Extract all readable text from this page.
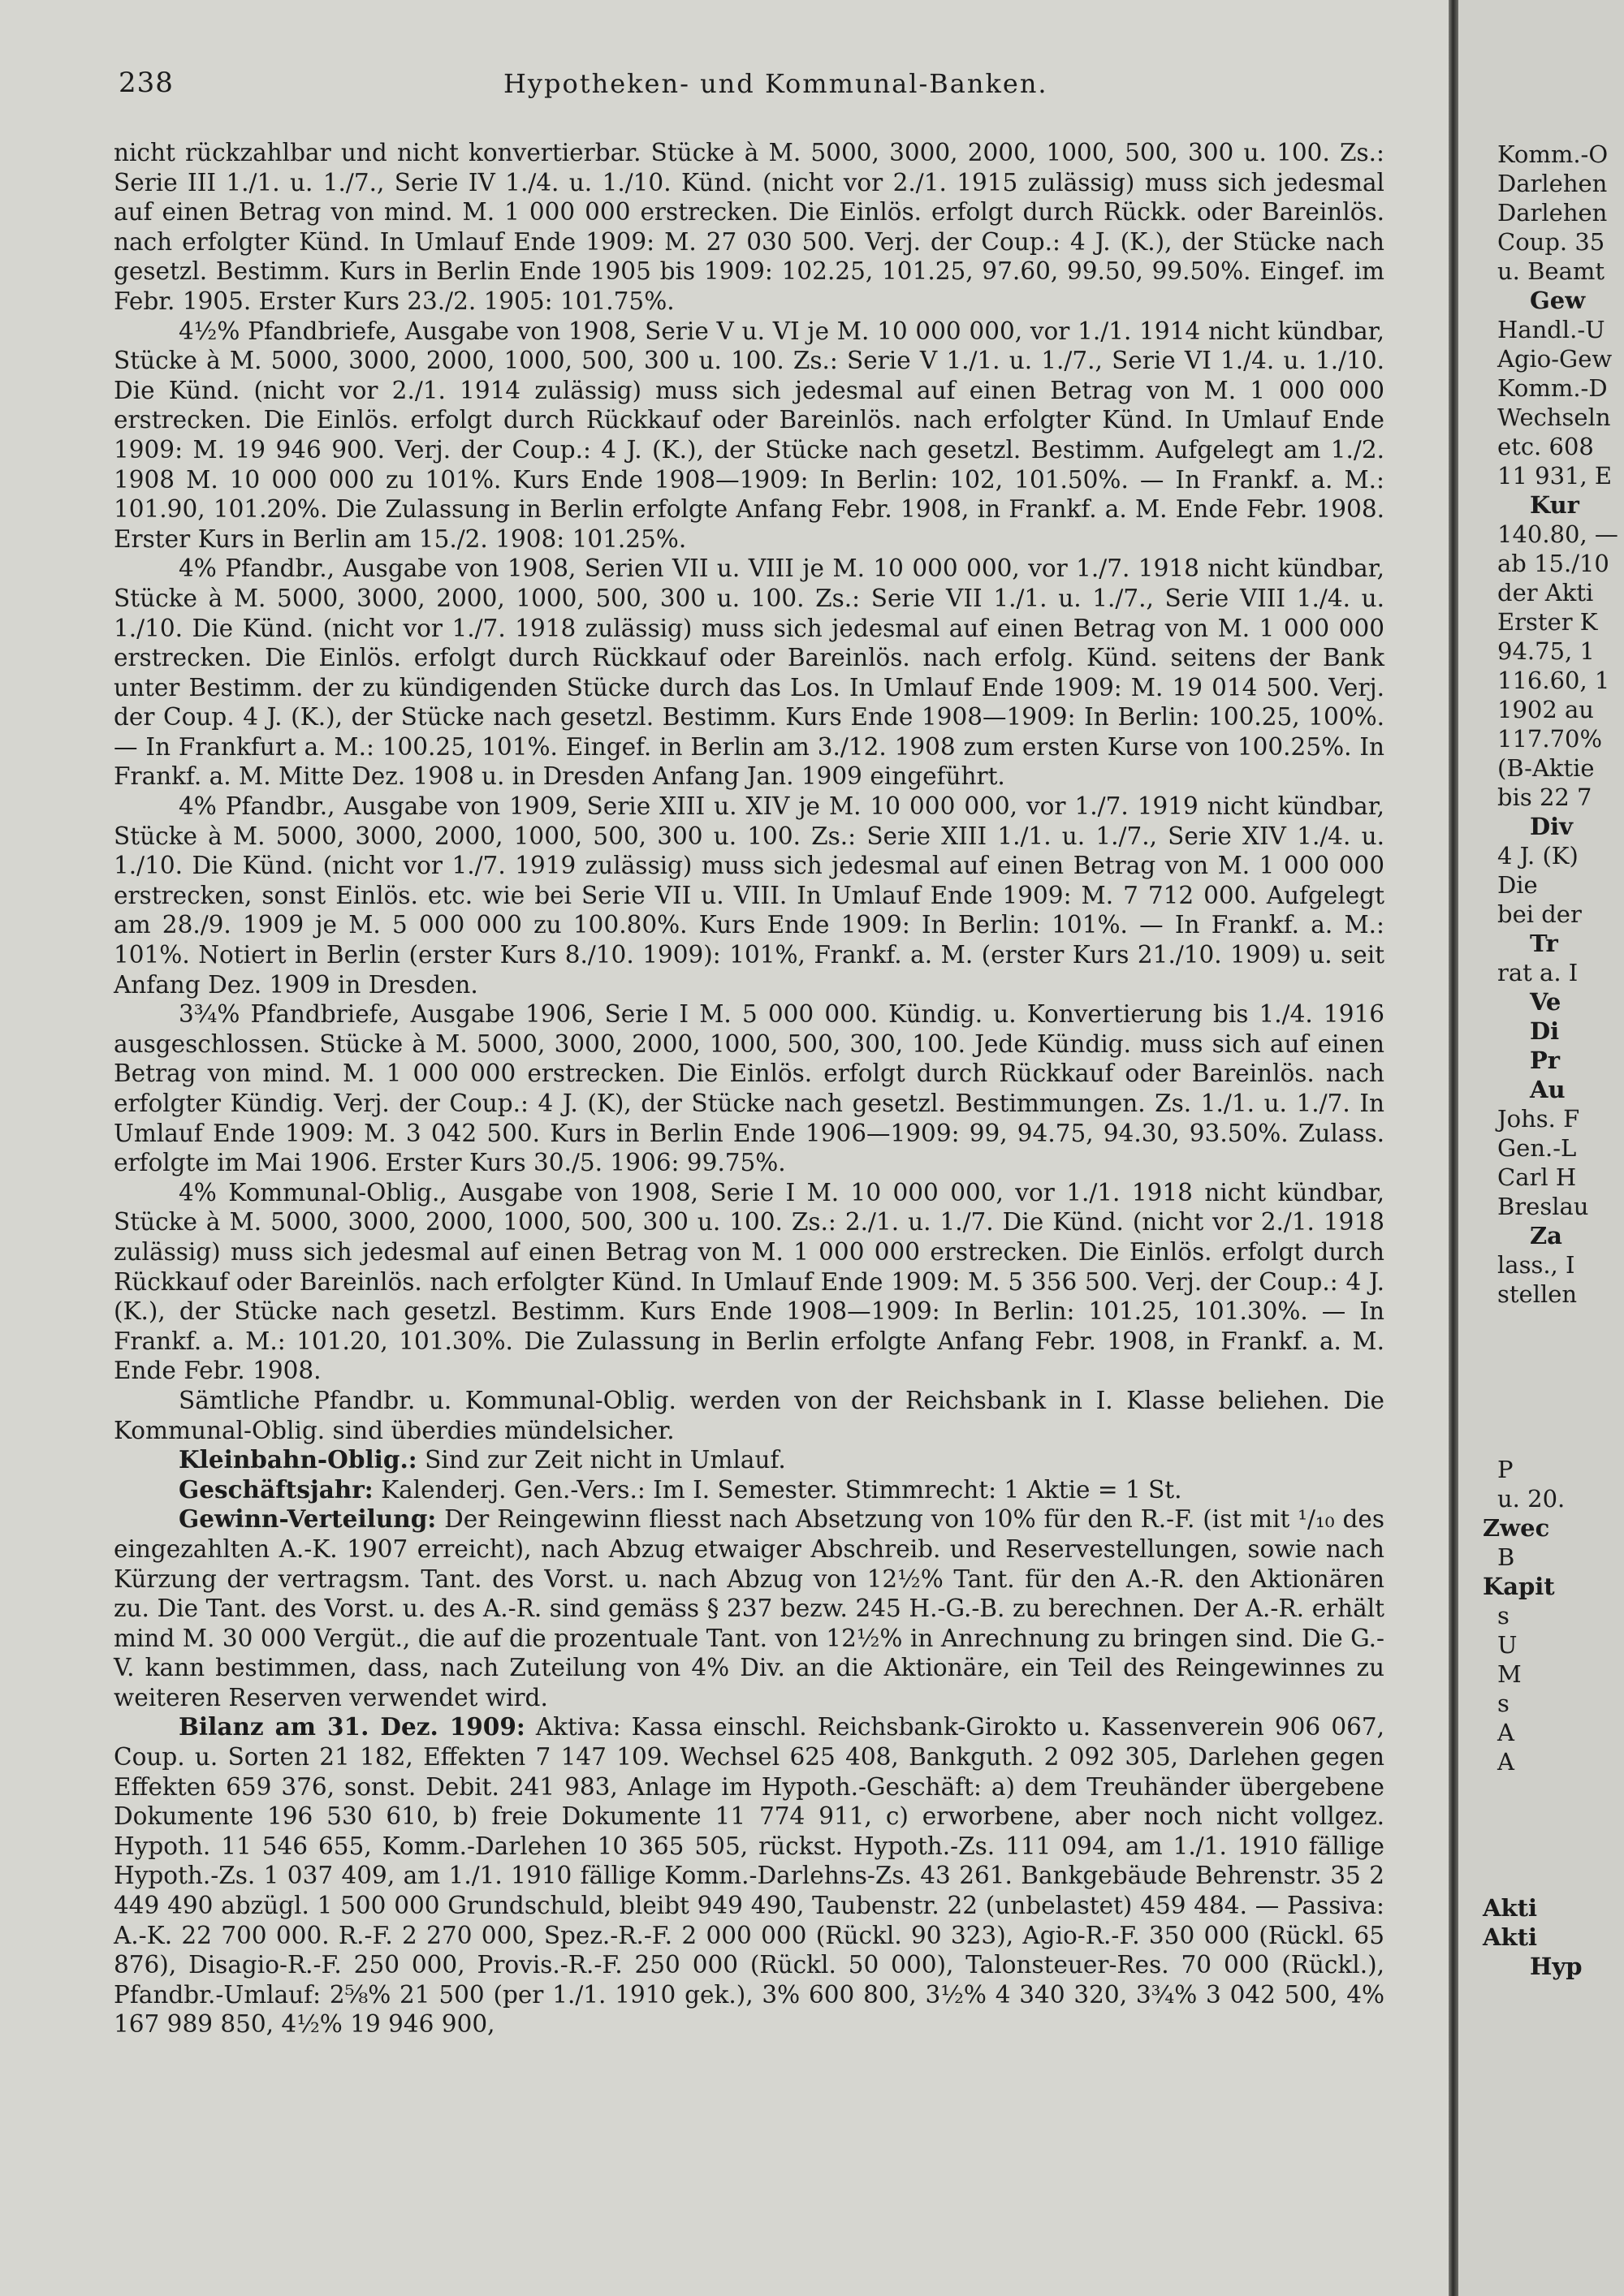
238	Hypotheken- und Kommunal-Banken.

nicht rückzahlbar und nicht konvertierbar. Stücke à M. 5000, 3000, 2000, 1000, 500, 300 u. 100. Zs.: Serie III 1./1. u. 1./7., Serie IV 1./4. u. 1./10. Künd. (nicht vor 2./1. 1915 zulässig) muss sich jedesmal auf einen Betrag von mind. M. 1 000 000 erstrecken. Die Einlös. erfolgt durch Rückk. oder Bareinlös. nach erfolgter Künd. In Umlauf Ende 1909: M. 27 030 500. Verj. der Coup.: 4 J. (K.), der Stücke nach gesetzl. Bestimm. Kurs in Berlin Ende 1905 bis 1909: 102.25, 101.25, 97.60, 99.50, 99.50%. Eingef. im Febr. 1905. Erster Kurs 23./2. 1905: 101.75%.

4½% Pfandbriefe, Ausgabe von 1908, Serie V u. VI je M. 10 000 000, vor 1./1. 1914 nicht kündbar, Stücke à M. 5000, 3000, 2000, 1000, 500, 300 u. 100. Zs.: Serie V 1./1. u. 1./7., Serie VI 1./4. u. 1./10. Die Künd. (nicht vor 2./1. 1914 zulässig) muss sich jedesmal auf einen Betrag von M. 1 000 000 erstrecken. Die Einlös. erfolgt durch Rückkauf oder Bareinlös. nach erfolgter Künd. In Umlauf Ende 1909: M. 19 946 900. Verj. der Coup.: 4 J. (K.), der Stücke nach gesetzl. Bestimm. Aufgelegt am 1./2. 1908 M. 10 000 000 zu 101%. Kurs Ende 1908—1909: In Berlin: 102, 101.50%. — In Frankf. a. M.: 101.90, 101.20%. Die Zulassung in Berlin erfolgte Anfang Febr. 1908, in Frankf. a. M. Ende Febr. 1908. Erster Kurs in Berlin am 15./2. 1908: 101.25%.

4% Pfandbr., Ausgabe von 1908, Serien VII u. VIII je M. 10 000 000, vor 1./7. 1918 nicht kündbar, Stücke à M. 5000, 3000, 2000, 1000, 500, 300 u. 100. Zs.: Serie VII 1./1. u. 1./7., Serie VIII 1./4. u. 1./10. Die Künd. (nicht vor 1./7. 1918 zulässig) muss sich jedesmal auf einen Betrag von M. 1 000 000 erstrecken. Die Einlös. erfolgt durch Rückkauf oder Bareinlös. nach erfolg. Künd. seitens der Bank unter Bestimm. der zu kündigenden Stücke durch das Los. In Umlauf Ende 1909: M. 19 014 500. Verj. der Coup. 4 J. (K.), der Stücke nach gesetzl. Bestimm. Kurs Ende 1908—1909: In Berlin: 100.25, 100%. — In Frankfurt a. M.: 100.25, 101%. Eingef. in Berlin am 3./12. 1908 zum ersten Kurse von 100.25%. In Frankf. a. M. Mitte Dez. 1908 u. in Dresden Anfang Jan. 1909 eingeführt.

4% Pfandbr., Ausgabe von 1909, Serie XIII u. XIV je M. 10 000 000, vor 1./7. 1919 nicht kündbar, Stücke à M. 5000, 3000, 2000, 1000, 500, 300 u. 100. Zs.: Serie XIII 1./1. u. 1./7., Serie XIV 1./4. u. 1./10. Die Künd. (nicht vor 1./7. 1919 zulässig) muss sich jedesmal auf einen Betrag von M. 1 000 000 erstrecken, sonst Einlös. etc. wie bei Serie VII u. VIII. In Umlauf Ende 1909: M. 7 712 000. Aufgelegt am 28./9. 1909 je M. 5 000 000 zu 100.80%. Kurs Ende 1909: In Berlin: 101%. — In Frankf. a. M.: 101%. Notiert in Berlin (erster Kurs 8./10. 1909): 101%, Frankf. a. M. (erster Kurs 21./10. 1909) u. seit Anfang Dez. 1909 in Dresden.

3¾% Pfandbriefe, Ausgabe 1906, Serie I M. 5 000 000. Kündig. u. Konvertierung bis 1./4. 1916 ausgeschlossen. Stücke à M. 5000, 3000, 2000, 1000, 500, 300, 100. Jede Kündig. muss sich auf einen Betrag von mind. M. 1 000 000 erstrecken. Die Einlös. erfolgt durch Rückkauf oder Bareinlös. nach erfolgter Kündig. Verj. der Coup.: 4 J. (K), der Stücke nach gesetzl. Bestimmungen. Zs. 1./1. u. 1./7. In Umlauf Ende 1909: M. 3 042 500. Kurs in Berlin Ende 1906—1909: 99, 94.75, 94.30, 93.50%. Zulass. erfolgte im Mai 1906. Erster Kurs 30./5. 1906: 99.75%.

4% Kommunal-Oblig., Ausgabe von 1908, Serie I M. 10 000 000, vor 1./1. 1918 nicht kündbar, Stücke à M. 5000, 3000, 2000, 1000, 500, 300 u. 100. Zs.: 2./1. u. 1./7. Die Künd. (nicht vor 2./1. 1918 zulässig) muss sich jedesmal auf einen Betrag von M. 1 000 000 erstrecken. Die Einlös. erfolgt durch Rückkauf oder Bareinlös. nach erfolgter Künd. In Umlauf Ende 1909: M. 5 356 500. Verj. der Coup.: 4 J. (K.), der Stücke nach gesetzl. Bestimm. Kurs Ende 1908—1909: In Berlin: 101.25, 101.30%. — In Frankf. a. M.: 101.20, 101.30%. Die Zulassung in Berlin erfolgte Anfang Febr. 1908, in Frankf. a. M. Ende Febr. 1908.

Sämtliche Pfandbr. u. Kommunal-Oblig. werden von der Reichsbank in I. Klasse beliehen. Die Kommunal-Oblig. sind überdies mündelsicher.

Kleinbahn-Oblig.: Sind zur Zeit nicht in Umlauf.

Geschäftsjahr: Kalenderj. Gen.-Vers.: Im I. Semester. Stimmrecht: 1 Aktie = 1 St.

Gewinn-Verteilung: Der Reingewinn fliesst nach Absetzung von 10% für den R.-F. (ist mit ¹/₁₀ des eingezahlten A.-K. 1907 erreicht), nach Abzug etwaiger Abschreib. und Reservestellungen, sowie nach Kürzung der vertragsm. Tant. des Vorst. u. nach Abzug von 12½% Tant. für den A.-R. den Aktionären zu. Die Tant. des Vorst. u. des A.-R. sind gemäss § 237 bezw. 245 H.-G.-B. zu berechnen. Der A.-R. erhält mind M. 30 000 Vergüt., die auf die prozentuale Tant. von 12½% in Anrechnung zu bringen sind. Die G.-V. kann bestimmen, dass, nach Zuteilung von 4% Div. an die Aktionäre, ein Teil des Reingewinnes zu weiteren Reserven verwendet wird.

Bilanz am 31. Dez. 1909: Aktiva: Kassa einschl. Reichsbank-Girokto u. Kassenverein 906 067, Coup. u. Sorten 21 182, Effekten 7 147 109. Wechsel 625 408, Bankguth. 2 092 305, Darlehen gegen Effekten 659 376, sonst. Debit. 241 983, Anlage im Hypoth.-Geschäft: a) dem Treuhänder übergebene Dokumente 196 530 610, b) freie Dokumente 11 774 911, c) erworbene, aber noch nicht vollgez. Hypoth. 11 546 655, Komm.-Darlehen 10 365 505, rückst. Hypoth.-Zs. 111 094, am 1./1. 1910 fällige Hypoth.-Zs. 1 037 409, am 1./1. 1910 fällige Komm.-Darlehns-Zs. 43 261. Bankgebäude Behrenstr. 35 2 449 490 abzügl. 1 500 000 Grundschuld, bleibt 949 490, Taubenstr. 22 (unbelastet) 459 484. — Passiva: A.-K. 22 700 000. R.-F. 2 270 000, Spez.-R.-F. 2 000 000 (Rückl. 90 323), Agio-R.-F. 350 000 (Rückl. 65 876), Disagio-R.-F. 250 000, Provis.-R.-F. 250 000 (Rückl. 50 000), Talonsteuer-Res. 70 000 (Rückl.), Pfandbr.-Umlauf: 2⅝% 21 500 (per 1./1. 1910 gek.), 3% 600 800, 3½% 4 340 320, 3¾% 3 042 500, 4% 167 989 850, 4½% 19 946 900,

Komm.-O
Darlehen
Darlehen
Coup. 35
u. Beamt
Gew
Handl.-U
Agio-Gew
Komm.-D
Wechseln
etc. 608
11 931, E
Kur
140.80, —
ab 15./10
der Akti
Erster K
94.75, 1
116.60, 1
1902 au
117.70%
(B-Aktie
bis 22 7
Div
4 J. (K)
Die
bei der
Tr
rat a. I
Ve
Di
Pr
Au
Johs. F
Gen.-L
Carl H
Breslau
Za
lass., I
stellen
P
u. 20.
Zwec
B
Kapit
s
U
M
s
A
A
Akti
Akti
Hyp
